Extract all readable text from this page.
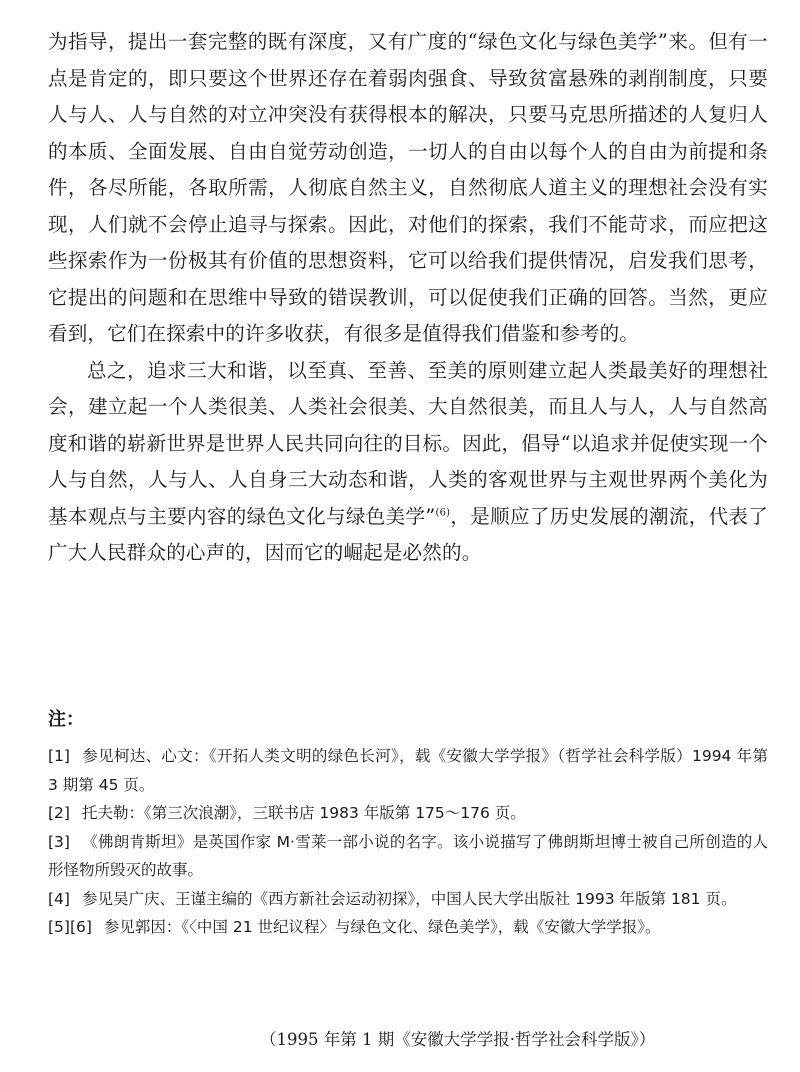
为指导，提出一套完整的既有深度，又有广度的“绿色文化与绿色美学”来。但有一点是肯定的，即只要这个世界还存在着弱肉强食、导致贫富悬殊的剥削制度，只要人与人、人与自然的对立冲突没有获得根本的解决，只要马克思所描述的人复归人的本质、全面发展、自由自觉劳动创造，一切人的自由以每个人的自由为前提和条件，各尽所能，各取所需，人彻底自然主义，自然彻底人道主义的理想社会没有实现，人们就不会停止追寻与探索。因此，对他们的探索，我们不能苛求，而应把这些探索作为一份极其有价值的思想资料，它可以给我们提供情况，启发我们思考，它提出的问题和在思维中导致的错误教训，可以促使我们正确的回答。当然，更应看到，它们在探索中的许多收获，有很多是值得我们借鉴和参考的。

总之，追求三大和谐，以至真、至善、至美的原则建立起人类最美好的理想社会，建立起一个人类很美、人类社会很美、大自然很美，而且人与人，人与自然高度和谐的崭新世界是世界人民共同向往的目标。因此，倡导“以追求并促使实现一个人与自然，人与人、人自身三大动态和谐，人类的客观世界与主观世界两个美化为基本观点与主要内容的绿色文化与绿色美学”$^{(6)}$，是顺应了历史发展的潮流，代表了广大人民群众的心声的，因而它的崛起是必然的。

注：

[1] 参见柯达、心文：《开拓人类文明的绿色长河》，载《安徽大学学报》（哲学社会科学版）1994 年第 3 期第 45 页。

[2] 托夫勒：《第三次浪潮》，三联书店 1983 年版第 175～176 页。

[3] 《佛朗肯斯坦》是英国作家 M·雪莱一部小说的名字。该小说描写了佛朗斯坦博士被自己所创造的人形怪物所毁灭的故事。

[4] 参见吴广庆、王谨主编的《西方新社会运动初探》，中国人民大学出版社 1993 年版第 181 页。

[5][6] 参见郭因：《〈中国 21 世纪议程〉与绿色文化、绿色美学》，载《安徽大学学报》。

（1995 年第 1 期《安徽大学学报·哲学社会科学版》）
